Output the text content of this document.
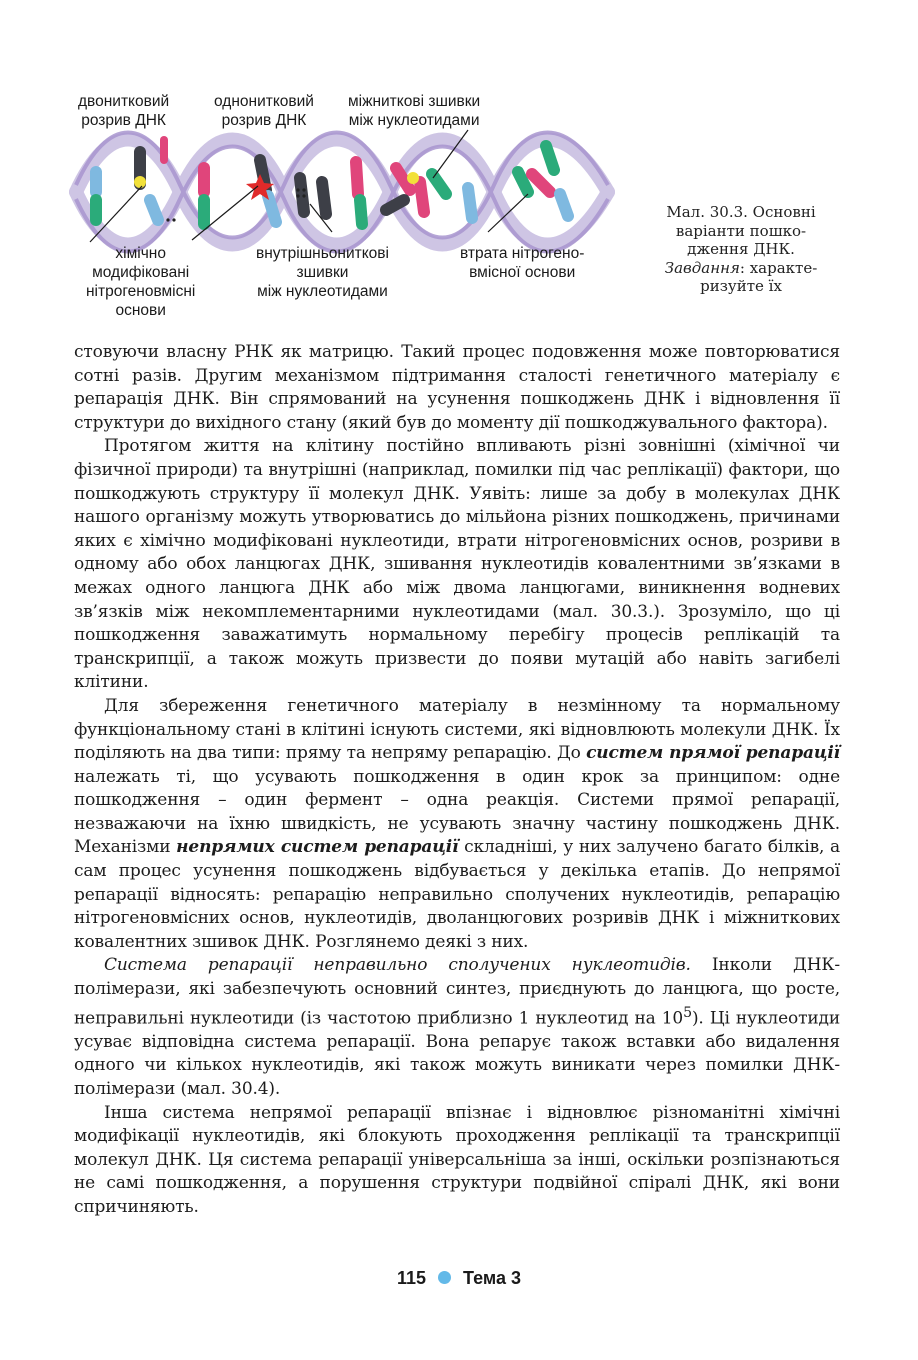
двонитковий
розрив ДНК
однонитковий
розрив ДНК
міжниткові зшивки
між нуклеотидами
хімічно
модифіковані
нітрогеновмісні
основи
внутрішньониткові
зшивки
між нуклеотидами
втрата нітрогено-
вмісної основи
Мал. 30.3. Основні
варіанти пошко-
дження ДНК.
Завдання: характе-
ризуйте їх

стовуючи власну РНК як матрицю. Такий процес подовження може повторюватися сотні разів. Другим механізмом підтримання сталості генетичного матеріалу є репарація ДНК. Він спрямований на усунення пошкоджень ДНК і відновлення її структури до вихідного стану (який був до моменту дії пошкоджувального фактора).

Протягом життя на клітину постійно впливають різні зовнішні (хімічної чи фізичної природи) та внутрішні (наприклад, помилки під час реплікації) фактори, що пошкоджують структуру її молекул ДНК. Уявіть: лише за добу в молекулах ДНК нашого організму можуть утворюватись до мільйона різних пошкоджень, причинами яких є хімічно модифіковані нуклеотиди, втрати нітрогеновмісних основ, розриви в одному або обох ланцюгах ДНК, зшивання нуклеотидів ковалентними зв’язками в межах одного ланцюга ДНК або між двома ланцюгами, виникнення водневих зв’язків між некомплементарними нуклеотидами (мал. 30.3.). Зрозуміло, що ці пошкодження заважатимуть нормальному перебігу процесів реплікацій та транскрипції, а також можуть призвести до появи мутацій або навіть загибелі клітини.

Для збереження генетичного матеріалу в незмінному та нормальному функціональному стані в клітині існують системи, які відновлюють молекули ДНК. Їх поділяють на два типи: пряму та непряму репарацію. До систем прямої репарації належать ті, що усувають пошкодження в один крок за принципом: одне пошкодження – один фермент – одна реакція. Системи прямої репарації, незважаючи на їхню швидкість, не усувають значну частину пошкоджень ДНК. Механізми непрямих систем репарації складніші, у них залучено багато білків, а сам процес усунення пошкоджень відбувається у декілька етапів. До непрямої репарації відносять: репарацію неправильно сполучених нуклеотидів, репарацію нітрогеновмісних основ, нуклеотидів, дволанцюгових розривів ДНК і міжниткових ковалентних зшивок ДНК. Розглянемо деякі з них.

Система репарації неправильно сполучених нуклеотидів. Інколи ДНК-полімерази, які забезпечують основний синтез, приєднують до ланцюга, що росте, неправильні нуклеотиди (із частотою приблизно 1 нуклеотид на $10^5$). Ці нуклеотиди усуває відповідна система репарації. Вона репарує також вставки або видалення одного чи кількох нуклеотидів, які також можуть виникати через помилки ДНК-полімерази (мал. 30.4).

Інша система непрямої репарації впізнає і відновлює різноманітні хімічні модифікації нуклеотидів, які блокують проходження реплікації та транскрипції молекул ДНК. Ця система репарації універсальніша за інші, оскільки розпізнаються не самі пошкодження, а порушення структури подвійної спіралі ДНК, які вони спричиняють.

115 Тема 3
